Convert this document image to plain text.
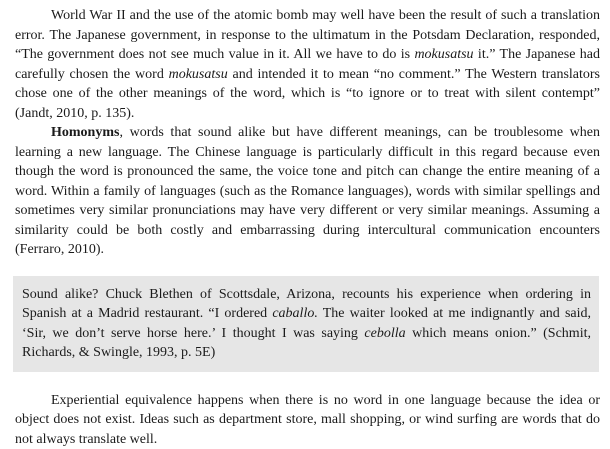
World War II and the use of the atomic bomb may well have been the result of such a translation error. The Japanese government, in response to the ultimatum in the Potsdam Declaration, responded, “The government does not see much value in it. All we have to do is mokusatsu it.” The Japanese had carefully chosen the word mokusatsu and intended it to mean “no comment.” The Western translators chose one of the other meanings of the word, which is “to ignore or to treat with silent contempt” (Jandt, 2010, p. 135).

Homonyms, words that sound alike but have different meanings, can be troublesome when learning a new language. The Chinese language is particularly difficult in this regard because even though the word is pronounced the same, the voice tone and pitch can change the entire meaning of a word. Within a family of languages (such as the Romance languages), words with similar spellings and sometimes very similar pronunciations may have very different or very similar meanings. Assuming a similarity could be both costly and embarrassing during intercultural communication encounters (Ferraro, 2010).

Sound alike? Chuck Blethen of Scottsdale, Arizona, recounts his experience when ordering in Spanish at a Madrid restaurant. “I ordered caballo. The waiter looked at me indignantly and said, ‘Sir, we don’t serve horse here.’ I thought I was saying cebolla which means onion.” (Schmit, Richards, & Swingle, 1993, p. 5E)

Experiential equivalence happens when there is no word in one language because the idea or object does not exist. Ideas such as department store, mall shopping, or wind surfing are words that do not always translate well.
